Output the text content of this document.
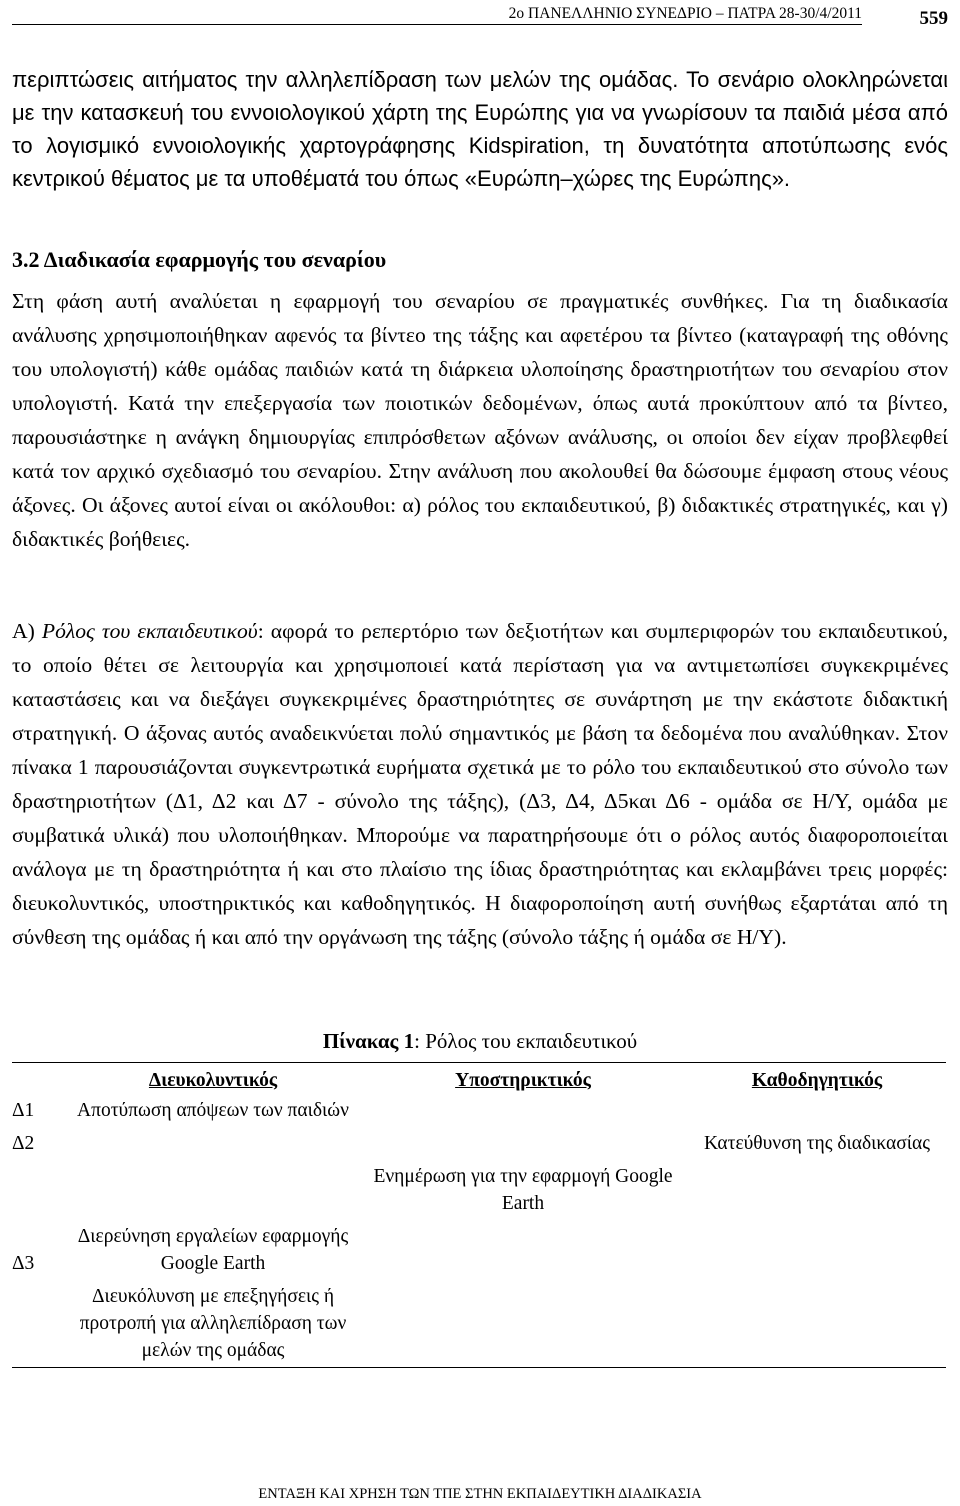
2ο ΠΑΝΕΛΛΗΝΙΟ ΣΥΝΕΔΡΙΟ – ΠΑΤΡΑ 28-30/4/2011	559

περιπτώσεις αιτήματος την αλληλεπίδραση των μελών της ομάδας. Το σενάριο ολοκληρώνεται με την κατασκευή του εννοιολογικού χάρτη της Ευρώπης για να γνωρίσουν τα παιδιά μέσα από το λογισμικό εννοιολογικής χαρτογράφησης Kidspiration, τη δυνατότητα αποτύπωσης ενός κεντρικού θέματος με τα υποθέματά του όπως «Ευρώπη–χώρες της Ευρώπης».

3.2 Διαδικασία εφαρμογής του σεναρίου

Στη φάση αυτή αναλύεται η εφαρμογή του σεναρίου σε πραγματικές συνθήκες. Για τη διαδικασία ανάλυσης χρησιμοποιήθηκαν αφενός τα βίντεο της τάξης και αφετέρου τα βίντεο (καταγραφή της οθόνης του υπολογιστή) κάθε ομάδας παιδιών κατά τη διάρκεια υλοποίησης δραστηριοτήτων του σεναρίου στον υπολογιστή. Κατά την επεξεργασία των ποιοτικών δεδομένων, όπως αυτά προκύπτουν από τα βίντεο, παρουσιάστηκε η ανάγκη δημιουργίας επιπρόσθετων αξόνων ανάλυσης, οι οποίοι δεν είχαν προβλεφθεί κατά τον αρχικό σχεδιασμό του σεναρίου. Στην ανάλυση που ακολουθεί θα δώσουμε έμφαση στους νέους άξονες. Οι άξονες αυτοί είναι οι ακόλουθοι: α) ρόλος του εκπαιδευτικού, β) διδακτικές στρατηγικές, και γ) διδακτικές βοήθειες.

Α) Ρόλος του εκπαιδευτικού: αφορά το ρεπερτόριο των δεξιοτήτων και συμπεριφορών του εκπαιδευτικού, το οποίο θέτει σε λειτουργία και χρησιμοποιεί κατά περίσταση για να αντιμετωπίσει συγκεκριμένες καταστάσεις και να διεξάγει συγκεκριμένες δραστηριότητες σε συνάρτηση με την εκάστοτε διδακτική στρατηγική. Ο άξονας αυτός αναδεικνύεται πολύ σημαντικός με βάση τα δεδομένα που αναλύθηκαν. Στον πίνακα 1 παρουσιάζονται συγκεντρωτικά ευρήματα σχετικά με το ρόλο του εκπαιδευτικού στο σύνολο των δραστηριοτήτων (Δ1, Δ2 και Δ7 - σύνολο της τάξης), (Δ3, Δ4, Δ5και Δ6 - ομάδα σε Η/Υ, ομάδα με συμβατικά υλικά) που υλοποιήθηκαν. Μπορούμε να παρατηρήσουμε ότι ο ρόλος αυτός διαφοροποιείται ανάλογα με τη δραστηριότητα ή και στο πλαίσιο της ίδιας δραστηριότητας και εκλαμβάνει τρεις μορφές: διευκολυντικός, υποστηρικτικός και καθοδηγητικός. Η διαφοροποίηση αυτή συνήθως εξαρτάται από τη σύνθεση της ομάδας ή και από την οργάνωση της τάξης (σύνολο τάξης ή ομάδα σε Η/Υ).

Πίνακας 1: Ρόλος του εκπαιδευτικού
	Διευκολυντικός	Υποστηρικτικός	Καθοδηγητικός
Δ1	Αποτύπωση απόψεων των παιδιών		
Δ2			Κατεύθυνση της διαδικασίας
		Ενημέρωση για την εφαρμογή Google Earth	
Δ3	Διερεύνηση εργαλείων εφαρμογής Google Earth		
	Διευκόλυνση με επεξηγήσεις ή προτροπή για αλληλεπίδραση των μελών της ομάδας		
ΕΝΤΑΞΗ ΚΑΙ ΧΡΗΣΗ ΤΩΝ ΤΠΕ ΣΤΗΝ ΕΚΠΑΙΔΕΥΤΙΚΗ ΔΙΑΔΙΚΑΣΙΑ
